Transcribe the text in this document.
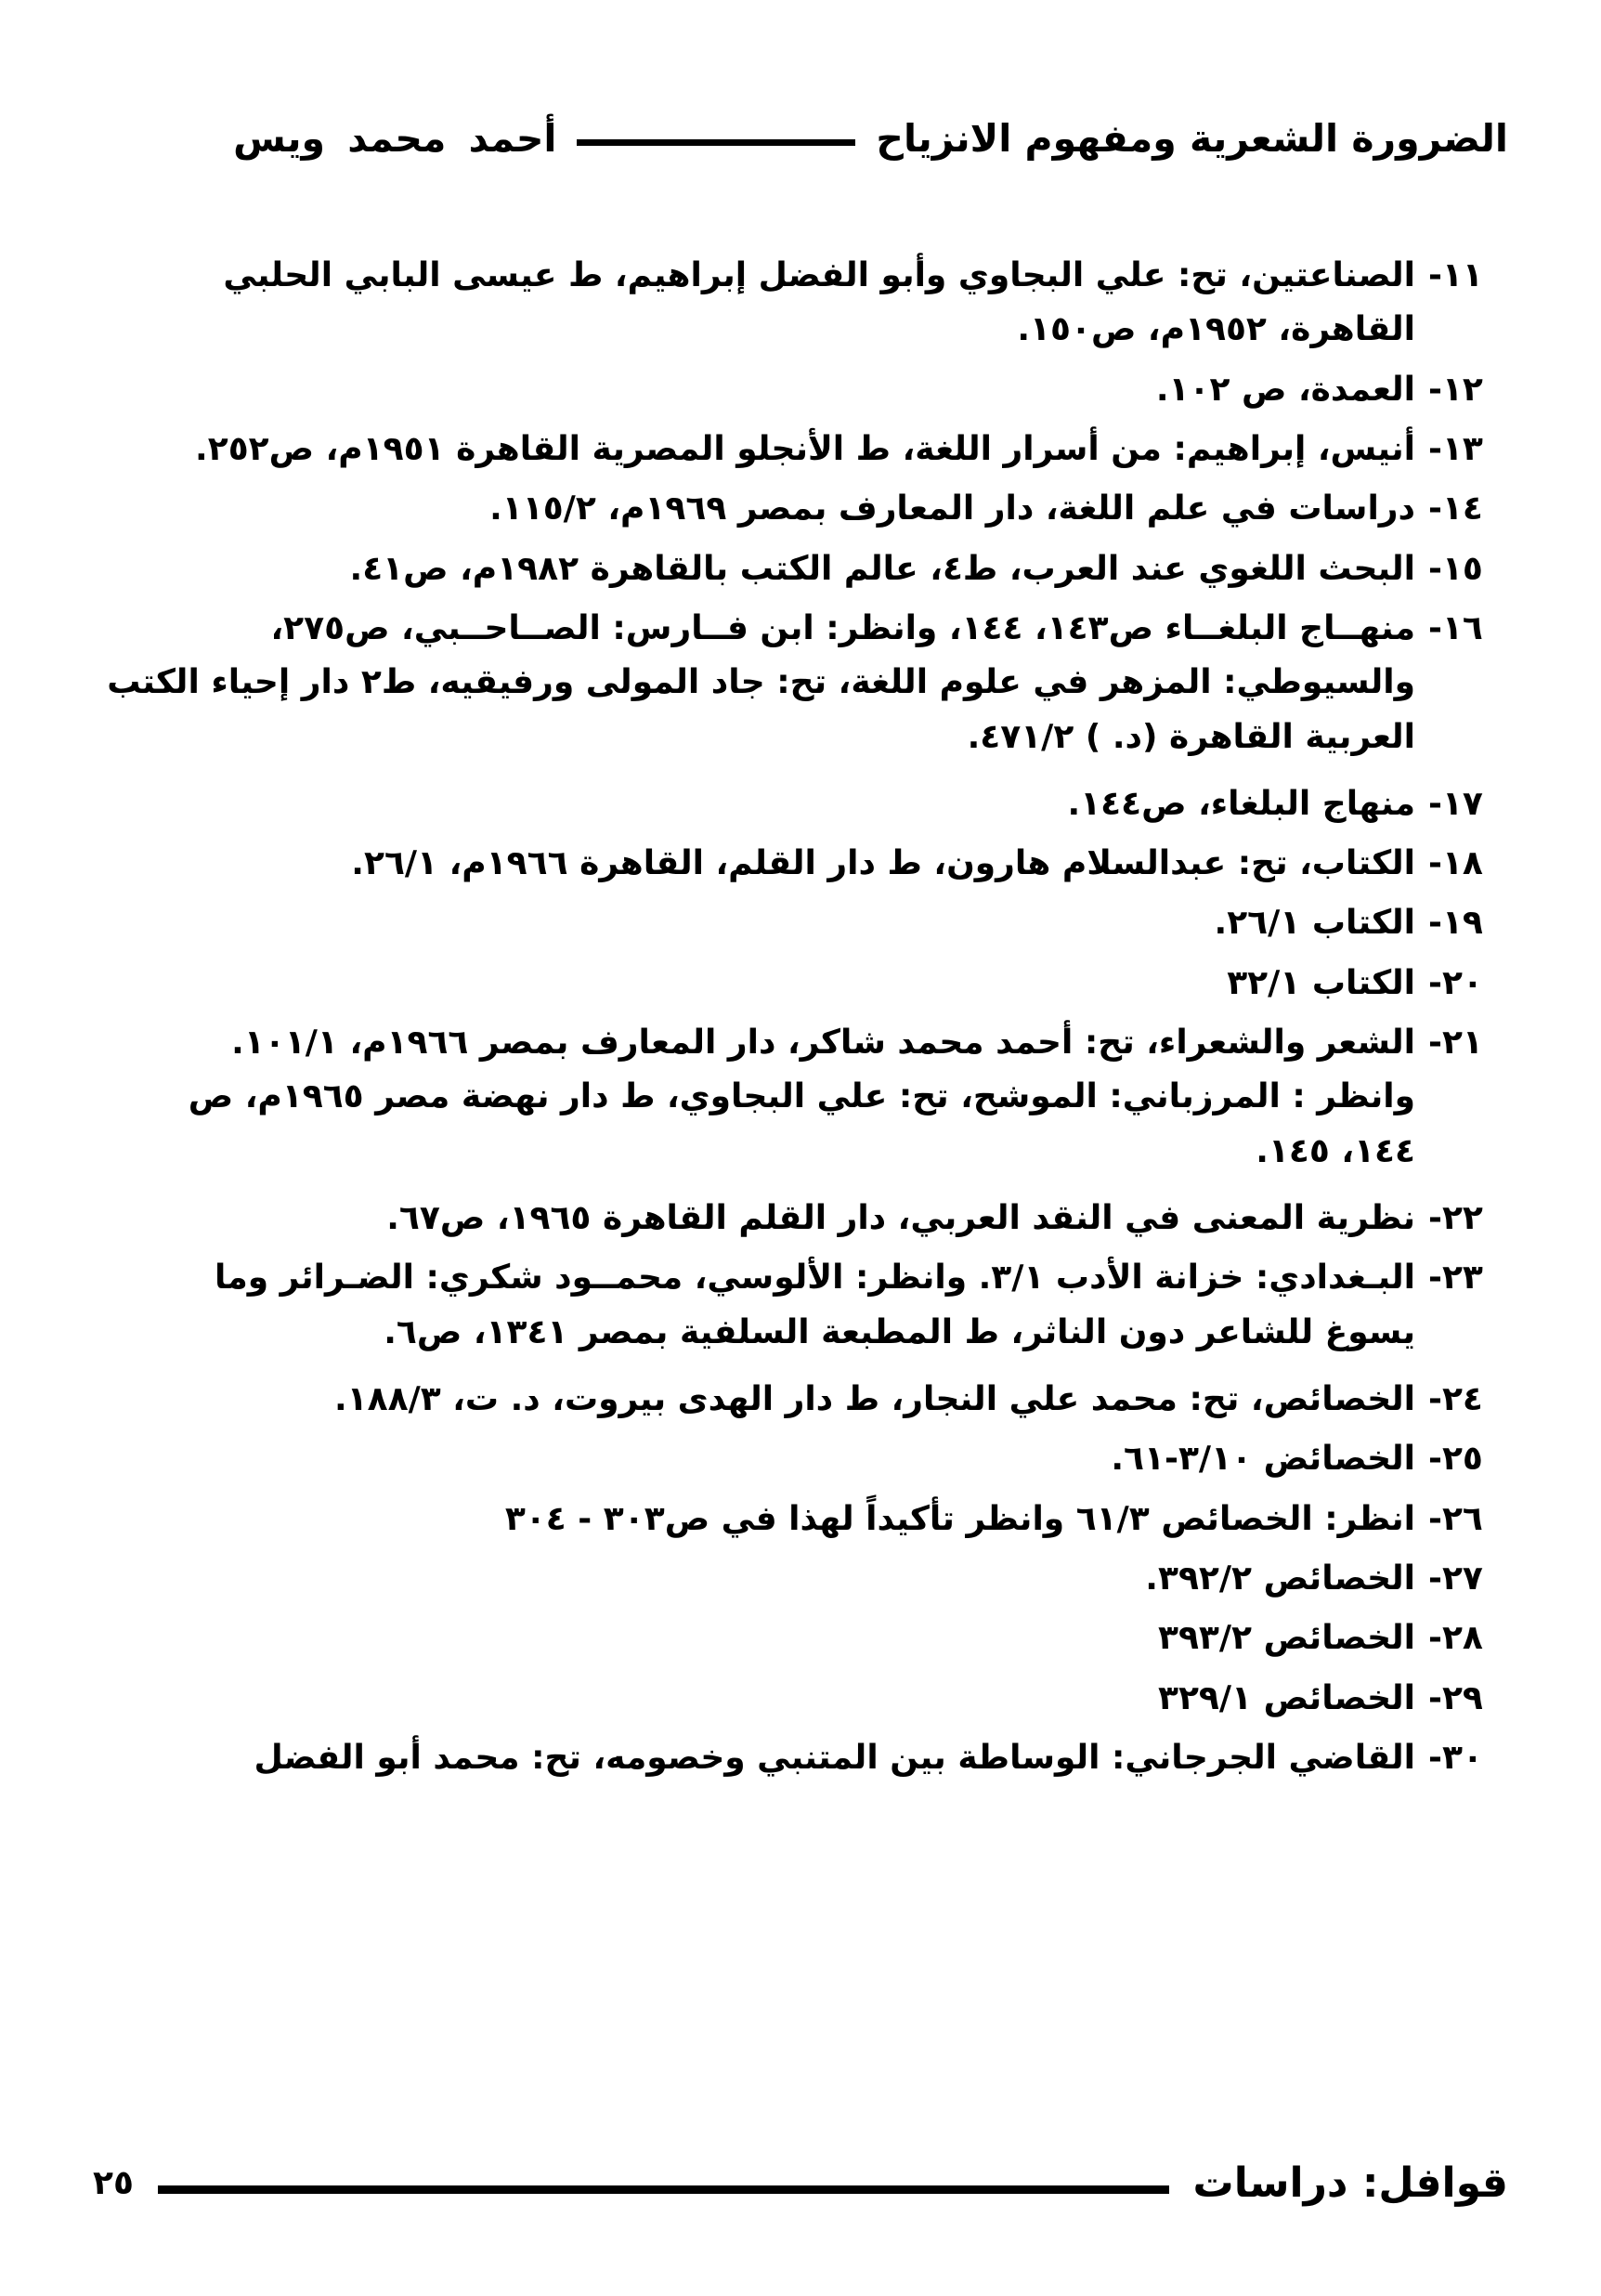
الضرورة الشعرية ومفهوم الانزياح
أحمد محمد ويس
١١-
الصناعتين، تح: علي البجاوي وأبو الفضل إبراهيم، ط عيسى البابي الحلبي
القاهرة، ١٩٥٢م، ص١٥٠.
١٢-
العمدة، ص ١٠٢.
١٣-
أنيس، إبراهيم: من أسرار اللغة، ط الأنجلو المصرية القاهرة ١٩٥١م، ص٢٥٢.
١٤-
دراسات في علم اللغة، دار المعارف بمصر ١٩٦٩م، ١١٥/٢.
١٥-
البحث اللغوي عند العرب، ط٤، عالم الكتب بالقاهرة ١٩٨٢م، ص٤١.
١٦-
منهــاج البلغــاء ص١٤٣، ١٤٤، وانظر: ابن فــارس: الصــاحــبي، ص٢٧٥،
والسيوطي: المزهر في علوم اللغة، تح: جاد المولى ورفيقيه، ط٢ دار إحياء الكتب
العربية القاهرة (د. ) ٤٧١/٢.
١٧-
منهاج البلغاء، ص١٤٤.
١٨-
الكتاب، تح: عبدالسلام هارون، ط دار القلم، القاهرة ١٩٦٦م، ٢٦/١.
١٩-
الكتاب ٢٦/١.
٢٠-
الكتاب ٣٢/١
٢١-
الشعر والشعراء، تح: أحمد محمد شاكر، دار المعارف بمصر ١٩٦٦م، ١٠١/١.
وانظر : المرزباني: الموشح، تح: علي البجاوي، ط دار نهضة مصر ١٩٦٥م، ص
١٤٤، ١٤٥.
٢٢-
نظرية المعنى في النقد العربي، دار القلم القاهرة ١٩٦٥، ص٦٧.
٢٣-
البـغدادي: خزانة الأدب ٣/١. وانظر: الألوسي، محمــود شكري: الضـرائر وما
يسوغ للشاعر دون الناثر، ط المطبعة السلفية بمصر ١٣٤١، ص٦.
٢٤-
الخصائص، تح: محمد علي النجار، ط دار الهدى بيروت، د. ت، ١٨٨/٣.
٢٥-
الخصائض ٣/١٠-٦١.
٢٦-
انظر: الخصائص ٦١/٣ وانظر تأكيداً لهذا في ص٣٠٣ - ٣٠٤
٢٧-
الخصائص ٣٩٢/٢.
٢٨-
الخصائص ٣٩٣/٢
٢٩-
الخصائص ٣٢٩/١
٣٠-
القاضي الجرجاني: الوساطة بين المتنبي وخصومه، تح: محمد أبو الفضل
قوافل: دراسات
٢٥
